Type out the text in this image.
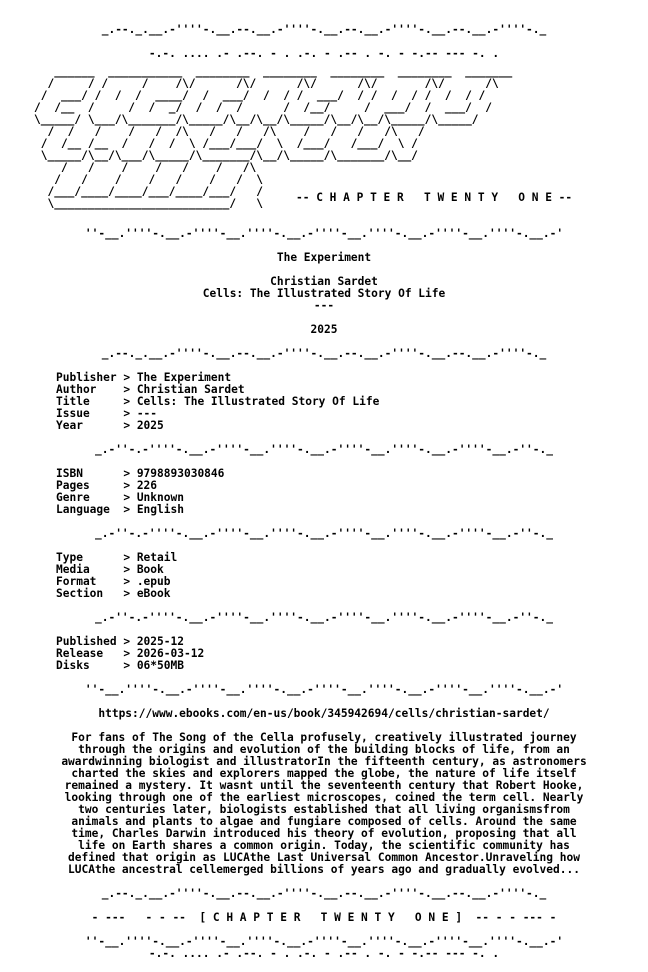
_.--._.__.-''''-.__.--.__.-''''-.__.--.__.-''''-.__.--.__.-''''-._
-.-. .... .- .--. - . .-. - .-- . -. - -.-- --- -. .
______  ___________  ________  ________  ________  ________  _______
/     / /     /    /\/      /\/      /\/      /\/       /\/      /\
/  ___/ /  /  /  ____/  /  ___/  /  / /  ___/  / /  /  / /  /  / /
/  /__  /     /  /  _/  /  /  /      /  /__/     /  ___/  /  ___/  /
\_____/ \___/\_______/\_____/\__/\__/\_____/\__/\__/\_____/\_____/
/  /   /    /   /  /\   /   /   /\    /   /   /   /\   /
/  /__ /__  /   /  /  \ /___/___/  \  /___/   /___/  \ /
\_____/\__/\___/\_____/\_______/\__/\_____/\_______/\__/
/   /    /    /   /    /   /\
/   /    /    /   /    /   /  \
/___/____/____/___/____/___/   /
\__________________________/   \	-- C H A P T E R   T W E N T Y   O N E --
''-__.''''-.__.-''''-__.''''-.__.-''''-__.''''-.__.-''''-__.''''-.__.-'
The Experiment
Christian Sardet
Cells: The Illustrated Story Of Life
---
2025
_.--._.__.-''''-.__.--.__.-''''-.__.--.__.-''''-.__.--.__.-''''-._
Publisher > The Experiment
Author    > Christian Sardet
Title     > Cells: The Illustrated Story Of Life
Issue     > ---
Year      > 2025
_.-''-.-''''-.__.-''''-__.''''-.__.-''''-__.''''-.__.-''''-__.-''-._
ISBN      > 9798893030846
Pages     > 226
Genre     > Unknown
Language  > English
_.-''-.-''''-.__.-''''-__.''''-.__.-''''-__.''''-.__.-''''-__.-''-._
Type      > Retail
Media     > Book
Format    > .epub
Section   > eBook
_.-''-.-''''-.__.-''''-__.''''-.__.-''''-__.''''-.__.-''''-__.-''-._
Published > 2025-12
Release   > 2026-03-12
Disks     > 06*50MB
''-__.''''-.__.-''''-__.''''-.__.-''''-__.''''-.__.-''''-__.''''-.__.-'
https://www.ebooks.com/en-us/book/345942694/cells/christian-sardet/
For fans of The Song of the Cella profusely, creatively illustrated journey
through the origins and evolution of the building blocks of life, from an
awardwinning biologist and illustratorIn the fifteenth century, as astronomers
charted the skies and explorers mapped the globe, the nature of life itself
remained a mystery. It wasnt until the seventeenth century that Robert Hooke,
looking through one of the earliest microscopes, coined the term cell. Nearly
two centuries later, biologists established that all living organismsfrom
animals and plants to algae and fungiare composed of cells. Around the same
time, Charles Darwin introduced his theory of evolution, proposing that all
life on Earth shares a common origin. Today, the scientific community has
defined that origin as LUCAthe Last Universal Common Ancestor.Unraveling how
LUCAthe ancestral cellemerged billions of years ago and gradually evolved...
_.--._.__.-''''-.__.--.__.-''''-.__.--.__.-''''-.__.--.__.-''''-._
- ---   - - --  [ C H A P T E R   T W E N T Y   O N E ]  -- - - --- -
''-__.''''-.__.-''''-__.''''-.__.-''''-__.''''-.__.-''''-__.''''-.__.-'
-.-. .... .- .--. - . .-. - .-- . -. - -.-- --- -. .
